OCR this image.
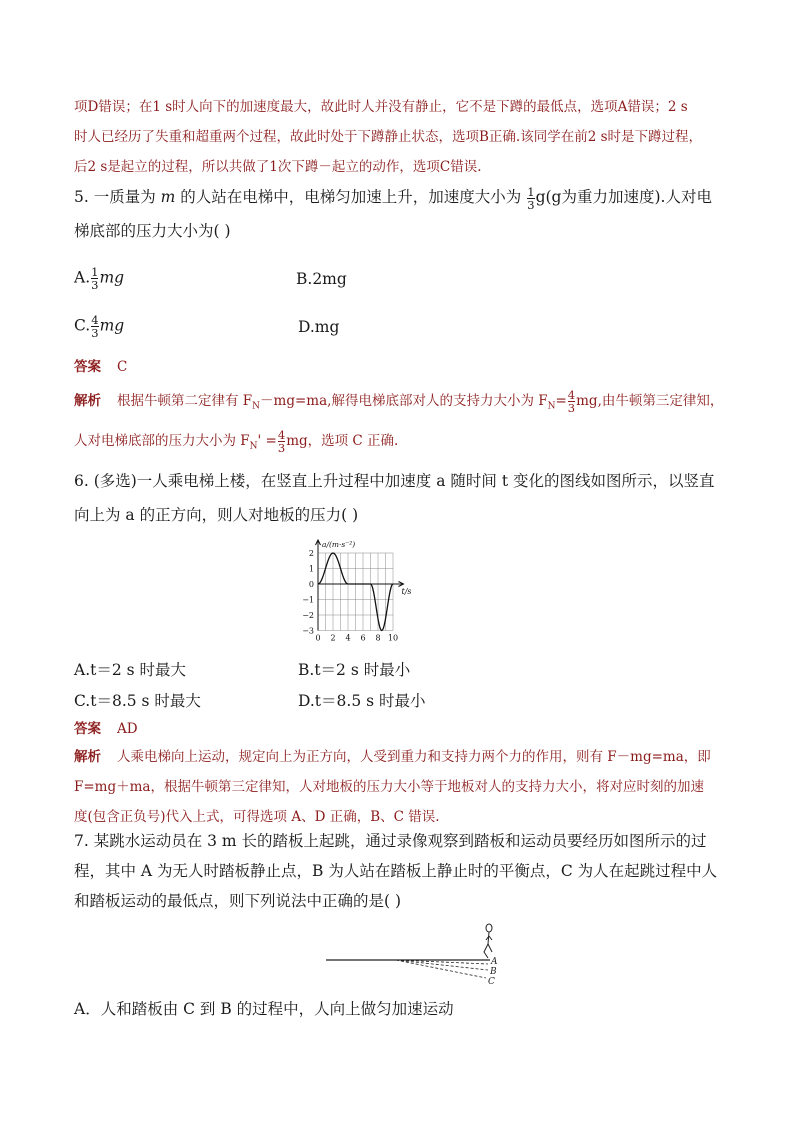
项D错误；在1 s时人向下的加速度最大，故此时人并没有静止，它不是下蹲的最低点，选项A错误；2 s
时人已经历了失重和超重两个过程，故此时处于下蹲静止状态，选项B正确.该同学在前2 s时是下蹲过程，
后2 s是起立的过程，所以共做了1次下蹲－起立的动作，选项C错误.
5. 一质量为 m 的人站在电梯中，电梯匀加速上升，加速度大小为 $\frac{1}{3} g(g$为重力加速度).人对电
梯底部的压力大小为( )
A. $\frac{1}{3}$ mg	B.2mg
C. $\frac{4}{3}$ mg	D.mg
答案 C
解析 根据牛顿第二定律有 $F_N-mg=ma$,解得电梯底部对人的支持力大小为 $F_N= \frac{4}{3}$ mg,由牛顿第三定律知，
人对电梯底部的压力大小为 $F_N' = \frac{4}{3}$ mg，选项 C 正确.
6. (多选)一人乘电梯上楼，在竖直上升过程中加速度 a 随时间 t 变化的图线如图所示，以竖直
向上为 a 的正方向，则人对地板的压力( )
2
1
0
−1
−2
−3
0 2 4 6 8 10
a/(m·s⁻²)
t/s
A.t＝2 s 时最大	B.t＝2 s 时最小
C.t＝8.5 s 时最大	D.t＝8.5 s 时最小
答案 AD
解析 人乘电梯向上运动，规定向上为正方向，人受到重力和支持力两个力的作用，则有 F－mg=ma，即
F=mg＋ma，根据牛顿第三定律知，人对地板的压力大小等于地板对人的支持力大小，将对应时刻的加速
度(包含正负号)代入上式，可得选项 A、D 正确，B、C 错误.
7. 某跳水运动员在 3 m 长的踏板上起跳，通过录像观察到踏板和运动员要经历如图所示的过
程，其中 A 为无人时踏板静止点，B 为人站在踏板上静止时的平衡点，C 为人在起跳过程中人
和踏板运动的最低点，则下列说法中正确的是( )
A
B
C
A．人和踏板由 C 到 B 的过程中，人向上做匀加速运动
